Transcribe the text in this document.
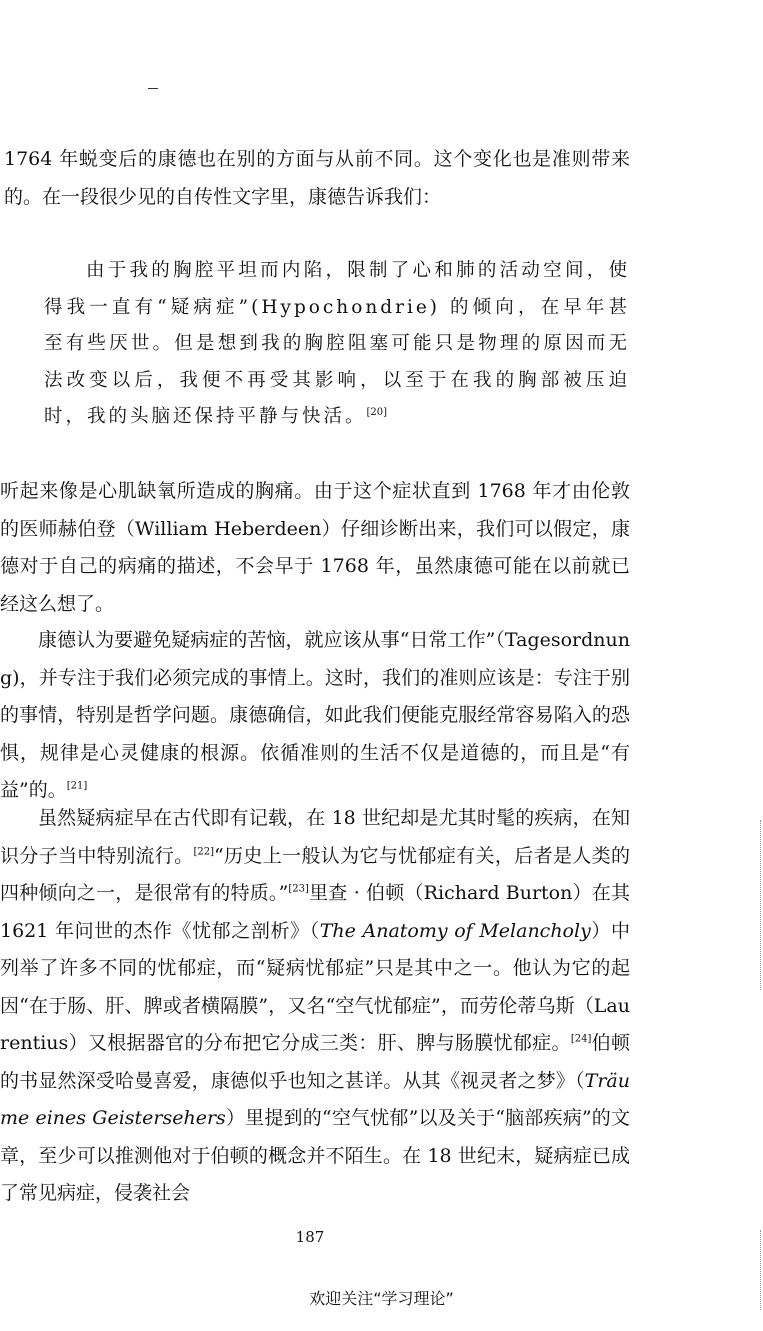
1764 年蜕变后的康德也在别的方面与从前不同。这个变化也是准则带来的。在一段很少见的自传性文字里，康德告诉我们：

由于我的胸腔平坦而内陷，限制了心和肺的活动空间，使得我一直有“疑病症”(Hypochondrie) 的倾向，在早年甚至有些厌世。但是想到我的胸腔阻塞可能只是物理的原因而无法改变以后，我便不再受其影响，以至于在我的胸部被压迫时，我的头脑还保持平静与快活。[20]

听起来像是心肌缺氧所造成的胸痛。由于这个症状直到 1768 年才由伦敦的医师赫伯登（William Heberdeen）仔细诊断出来，我们可以假定，康德对于自己的病痛的描述，不会早于 1768 年，虽然康德可能在以前就已经这么想了。

康德认为要避免疑病症的苦恼，就应该从事“日常工作”（Tagesordnung)，并专注于我们必须完成的事情上。这时，我们的准则应该是：专注于别的事情，特别是哲学问题。康德确信，如此我们便能克服经常容易陷入的恐惧，规律是心灵健康的根源。依循准则的生活不仅是道德的，而且是“有益”的。[21]

虽然疑病症早在古代即有记载，在 18 世纪却是尤其时髦的疾病，在知识分子当中特别流行。[22]“历史上一般认为它与忧郁症有关，后者是人类的四种倾向之一，是很常有的特质。”[23]里查 · 伯顿（Richard Burton）在其 1621 年问世的杰作《忧郁之剖析》（The Anatomy of Melancholy）中列举了许多不同的忧郁症，而“疑病忧郁症”只是其中之一。他认为它的起因“在于肠、肝、脾或者横隔膜”，又名“空气忧郁症”，而劳伦蒂乌斯（Laurentius）又根据器官的分布把它分成三类：肝、脾与肠膜忧郁症。[24]伯顿的书显然深受哈曼喜爱，康德似乎也知之甚详。从其《视灵者之梦》（Träume eines Geistersehers）里提到的“空气忧郁”以及关于“脑部疾病”的文章，至少可以推测他对于伯顿的概念并不陌生。在 18 世纪末，疑病症已成了常见病症，侵袭社会

187
欢迎关注“学习理论”
